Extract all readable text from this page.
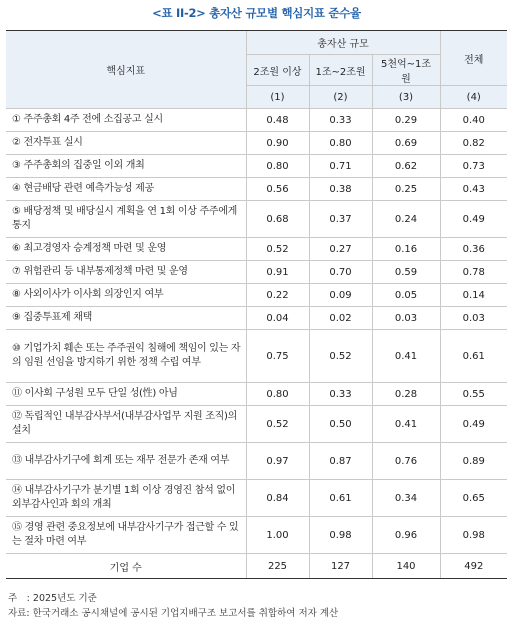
<표 II-2> 총자산 규모별 핵심지표 준수율
핵심지표	총자산 규모			전체
	2조원 이상	1조~2조원	5천억~1조원	
	(1)	(2)	(3)	(4)
① 주주총회 4주 전에 소집공고 실시	0.48	0.33	0.29	0.40
② 전자투표 실시	0.90	0.80	0.69	0.82
③ 주주총회의 집중일 이외 개최	0.80	0.71	0.62	0.73
④ 현금배당 관련 예측가능성 제공	0.56	0.38	0.25	0.43
⑤ 배당정책 및 배당실시 계획을 연 1회 이상 주주에게 통지	0.68	0.37	0.24	0.49
⑥ 최고경영자 승계정책 마련 및 운영	0.52	0.27	0.16	0.36
⑦ 위험관리 등 내부통제정책 마련 및 운영	0.91	0.70	0.59	0.78
⑧ 사외이사가 이사회 의장인지 여부	0.22	0.09	0.05	0.14
⑨ 집중투표제 채택	0.04	0.02	0.03	0.03
⑩ 기업가치 훼손 또는 주주권익 침해에 책임이 있는 자의 임원 선임을 방지하기 위한 정책 수립 여부	0.75	0.52	0.41	0.61
⑪ 이사회 구성원 모두 단일 성(性) 아님	0.80	0.33	0.28	0.55
⑫ 독립적인 내부감사부서(내부감사업무 지원 조직)의 설치	0.52	0.50	0.41	0.49
⑬ 내부감사기구에 회계 또는 재무 전문가 존재 여부	0.97	0.87	0.76	0.89
⑭ 내부감사기구가 분기별 1회 이상 경영진 참석 없이 외부감사인과 회의 개최	0.84	0.61	0.34	0.65
⑮ 경영 관련 중요정보에 내부감사기구가 접근할 수 있는 절차 마련 여부	1.00	0.98	0.96	0.98
기업 수	225	127	140	492
주　: 2025년도 기준
자료: 한국거래소 공시채널에 공시된 기업지배구조 보고서를 취합하여 저자 계산
